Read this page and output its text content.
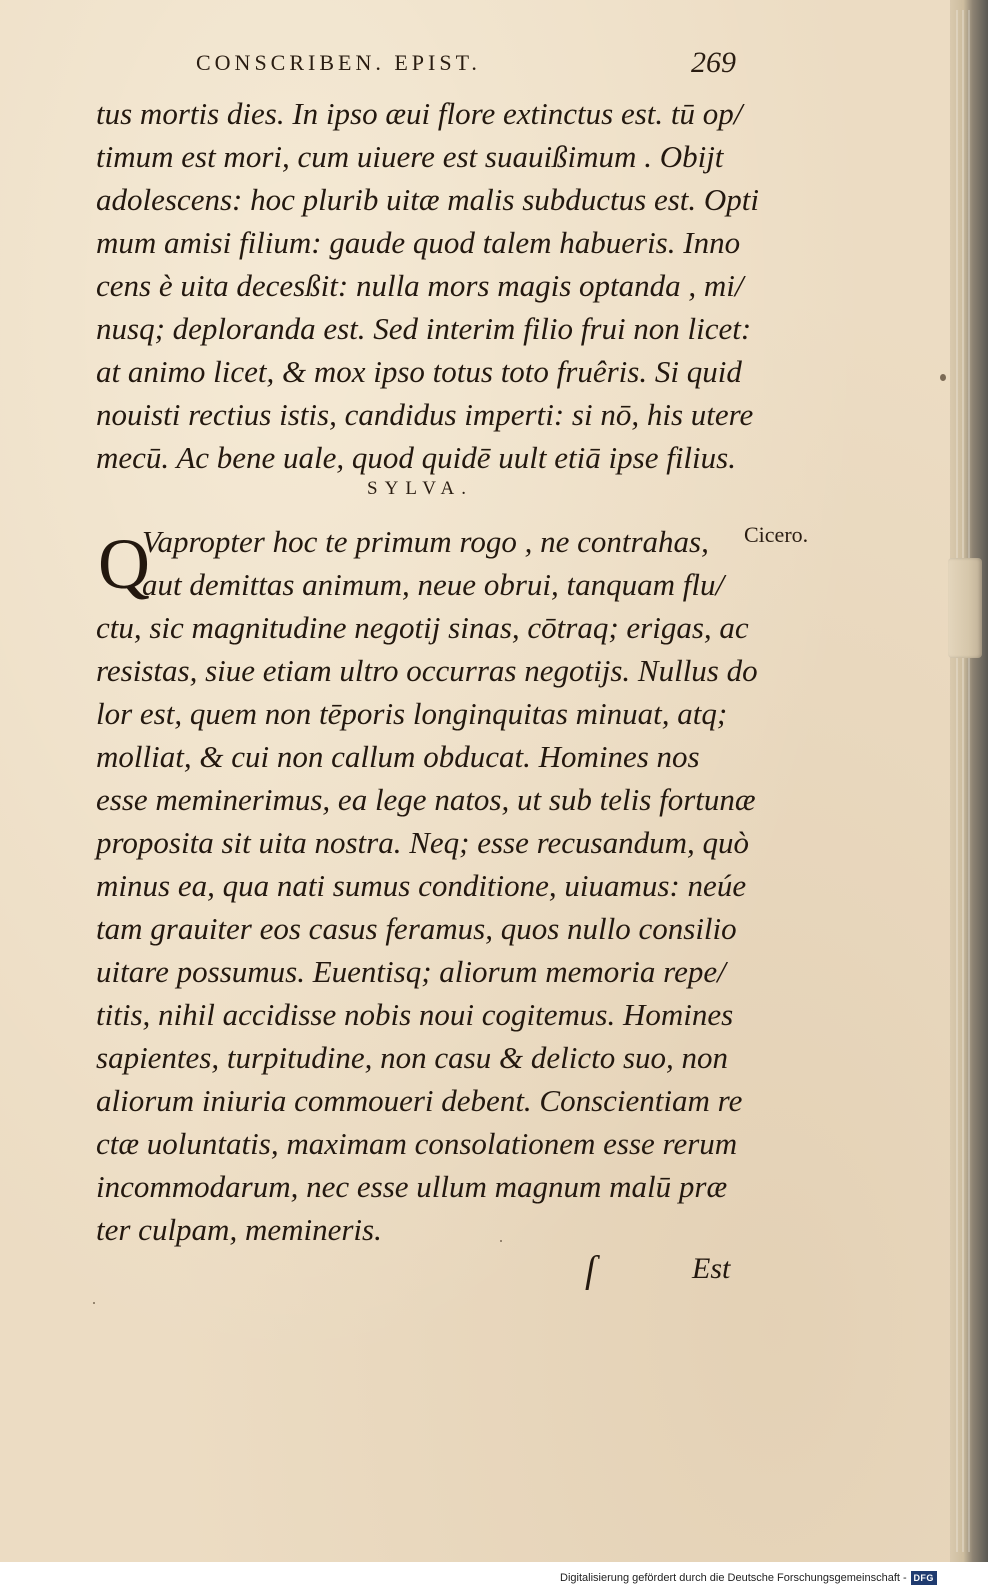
CONSCRIBEN. EPIST.	269
tus mortis dies. In ipso æui flore extinctus est. tū op/
timum est mori, cum uiuere est suauißimum . Obijt
adolescens: hoc plurib uitæ malis subductus est. Opti
mum amisi filium: gaude quod talem habueris. Inno
cens è uita decesßit: nulla mors magis optanda , mi/
nusq; deploranda est. Sed interim filio frui non licet:
at animo licet, & mox ipso totus toto fruêris. Si quid
nouisti rectius istis, candidus imperti: si nō, his utere
mecū. Ac bene uale, quod quidē uult etiā ipse filius.
SYLVA.
Cicero.
Q
Vapropter hoc te primum rogo , ne contrahas,
aut demittas animum, neue obrui, tanquam flu/
ctu, sic magnitudine negotij sinas, cōtraq; erigas, ac
resistas, siue etiam ultro occurras negotijs. Nullus do
lor est, quem non tēporis longinquitas minuat, atq;
molliat, & cui non callum obducat. Homines nos
esse meminerimus, ea lege natos, ut sub telis fortunæ
proposita sit uita nostra. Neq; esse recusandum, quò
minus ea, qua nati sumus conditione, uiuamus: neúe
tam grauiter eos casus feramus, quos nullo consilio
uitare possumus. Euentisq; aliorum memoria repe/
titis, nihil accidisse nobis noui cogitemus. Homines
sapientes, turpitudine, non casu & delicto suo, non
aliorum iniuria commoueri debent. Conscientiam re
ctæ uoluntatis, maximam consolationem esse rerum
incommodarum, nec esse ullum magnum malū præ
ter culpam, memineris.
ſ	Est
Digitalisierung gefördert durch die Deutsche Forschungsgemeinschaft - DFG
